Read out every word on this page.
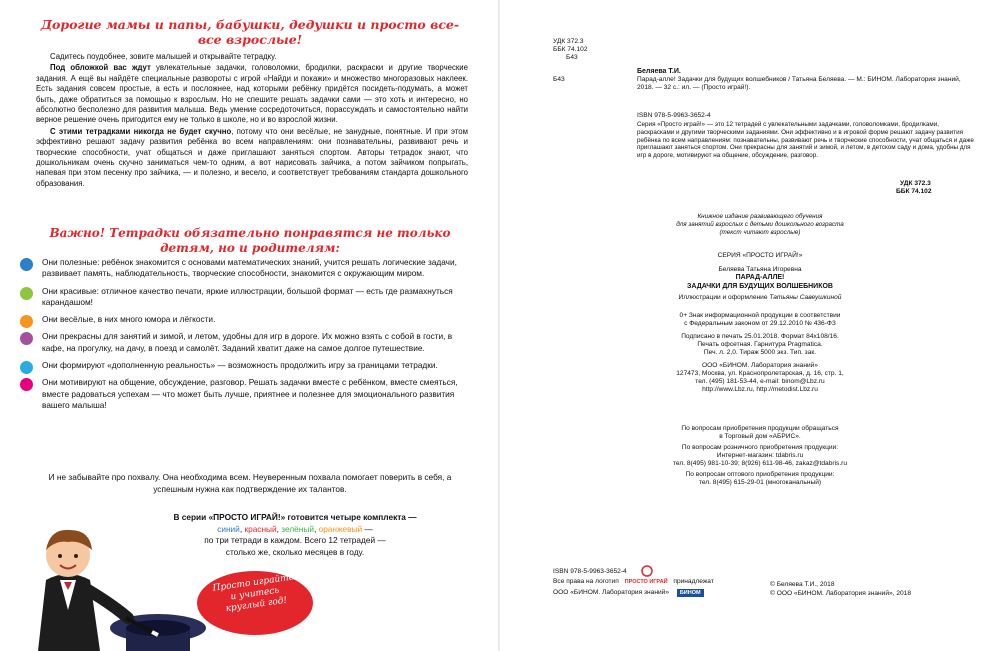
Дорогие мамы и папы, бабушки, дедушки и просто все-все взрослые!

Садитесь поудобнее, зовите малышей и открывайте тетрадку.

Под обложкой вас ждут увлекательные задачки, головоломки, бродилки, раскраски и другие творческие задания. А ещё вы найдёте специальные развороты с игрой «Найди и покажи» и множество многоразовых наклеек. Есть задания совсем простые, а есть и посложнее, над которыми ребёнку придётся посидеть-подумать, а может быть, даже обратиться за помощью к взрослым. Но не спешите решать задачки сами — это хоть и интересно, но абсолютно бесполезно для развития малыша. Ведь умение сосредоточиться, порассуждать и самостоятельно найти верное решение очень пригодится ему не только в школе, но и во взрослой жизни.

С этими тетрадками никогда не будет скучно, потому что они весёлые, не занудные, понятные. И при этом эффективно решают задачу развития ребёнка во всем направлениям: они познавательны, развивают речь и творческие способности, учат общаться и даже приглашают заняться спортом. Авторы тетрадок знают, что дошкольникам очень скучно заниматься чем-то одним, а вот нарисовать зайчика, а потом зайчиком попрыгать, напевая при этом песенку про зайчика, — и полезно, и весело, и соответствует требованиям стандарта дошкольного образования.

Важно! Тетрадки обязательно понравятся не только детям, но и родителям:
Они полезные: ребёнок знакомится с основами математических знаний, учится решать логические задачи, развивает память, наблюдательность, творческие способности, знакомится с окружающим миром.
Они красивые: отличное качество печати, яркие иллюстрации, большой формат — есть где размахнуться карандашом!
Они весёлые, в них много юмора и лёгкости.
Они прекрасны для занятий и зимой, и летом, удобны для игр в дороге. Их можно взять с собой в гости, в кафе, на прогулку, на дачу, в поезд и самолёт. Заданий хватит даже на самое долгое путешествие.
Они формируют «дополненную реальность» — возможность продолжить игру за границами тетрадки.
Они мотивируют на общение, обсуждение, разговор. Решать задачки вместе с ребёнком, вместе смеяться, вместе радоваться успехам — что может быть лучше, приятнее и полезнее для эмоционального развития вашего малыша!
И не забывайте про похвалу. Она необходима всем. Неуверенным похвала помогает поверить в себя, а успешным нужна как подтверждение их талантов.
В серии «ПРОСТО ИГРАЙ!» готовится четыре комплекта —
синий, красный, зелёный, оранжевый —
по три тетради в каждом. Всего 12 тетрадей —
столько же, сколько месяцев в году.
Просто играйте и учитесь круглый год!
УДК 372.3
ББК 74.102
Б43
Б43
Беляева Т.И.
Парад-алле! Задачки для будущих волшебников / Татьяна Беляева. — М.: БИНОМ. Лаборатория знаний, 2018. — 32 с.: ил. — (Просто играй!).
ISBN 978-5-9963-3652-4
Серия «Просто играй!» — это 12 тетрадей с увлекательными задачками, головоломками, бродилками, раскрасками и другими творческими заданиями. Они эффективно и в игровой форме решают задачу развития ребёнка по всем направлениям: познавательны, развивают речь и творческие способности, учат общаться и даже приглашают заняться спортом. Они прекрасны для занятий и зимой, и летом, в детском саду и дома, удобны для игр в дороге, мотивируют на общение, обсуждение, разговор.
УДК 372.3
ББК 74.102
Книжное издание развивающего обучения
для занятий взрослых с детьми дошкольного возраста
(текст читают взрослые)
СЕРИЯ «ПРОСТО ИГРАЙ!»
Беляева Татьяна Игоревна
ПАРАД-АЛЛЕ!
ЗАДАЧКИ ДЛЯ БУДУЩИХ ВОЛШЕБНИКОВ
Иллюстрации и оформление Татьяны Савеушкиной
0+ Знак информационной продукции в соответствии
с Федеральным законом от 29.12.2010 № 436-ФЗ
Подписано в печать 25.01.2018. Формат 84x108/16.
Печать офсетная. Гарнитура Pragmatica.
Печ. л. 2,0. Тираж 5000 экз. Тип. зак.
ООО «БИНОМ. Лаборатория знаний»
127473, Москва, ул. Краснопролетарская, д. 16, стр. 1,
тел. (495) 181-53-44, e-mail: binom@Lbz.ru
http://www.Lbz.ru, http://metodist.Lbz.ru
По вопросам приобретения продукции обращаться
в Торговый дом «АБРИС».
По вопросам розничного приобретения продукции:
Интернет-магазин: tdabris.ru
тел. 8(495) 981-10-39; 8(926) 611-98-46, zakaz@tdabris.ru
По вопросам оптового приобретения продукции:
тел. 8(495) 615-29-01 (многоканальный)
ISBN 978-5-9963-3652-4
Все права на логотип ПРОСТО ИГРАЙ принадлежат
ООО «БИНОМ. Лаборатория знаний» БИНОМ
© Беляева Т.И., 2018
© ООО «БИНОМ. Лаборатория знаний», 2018
